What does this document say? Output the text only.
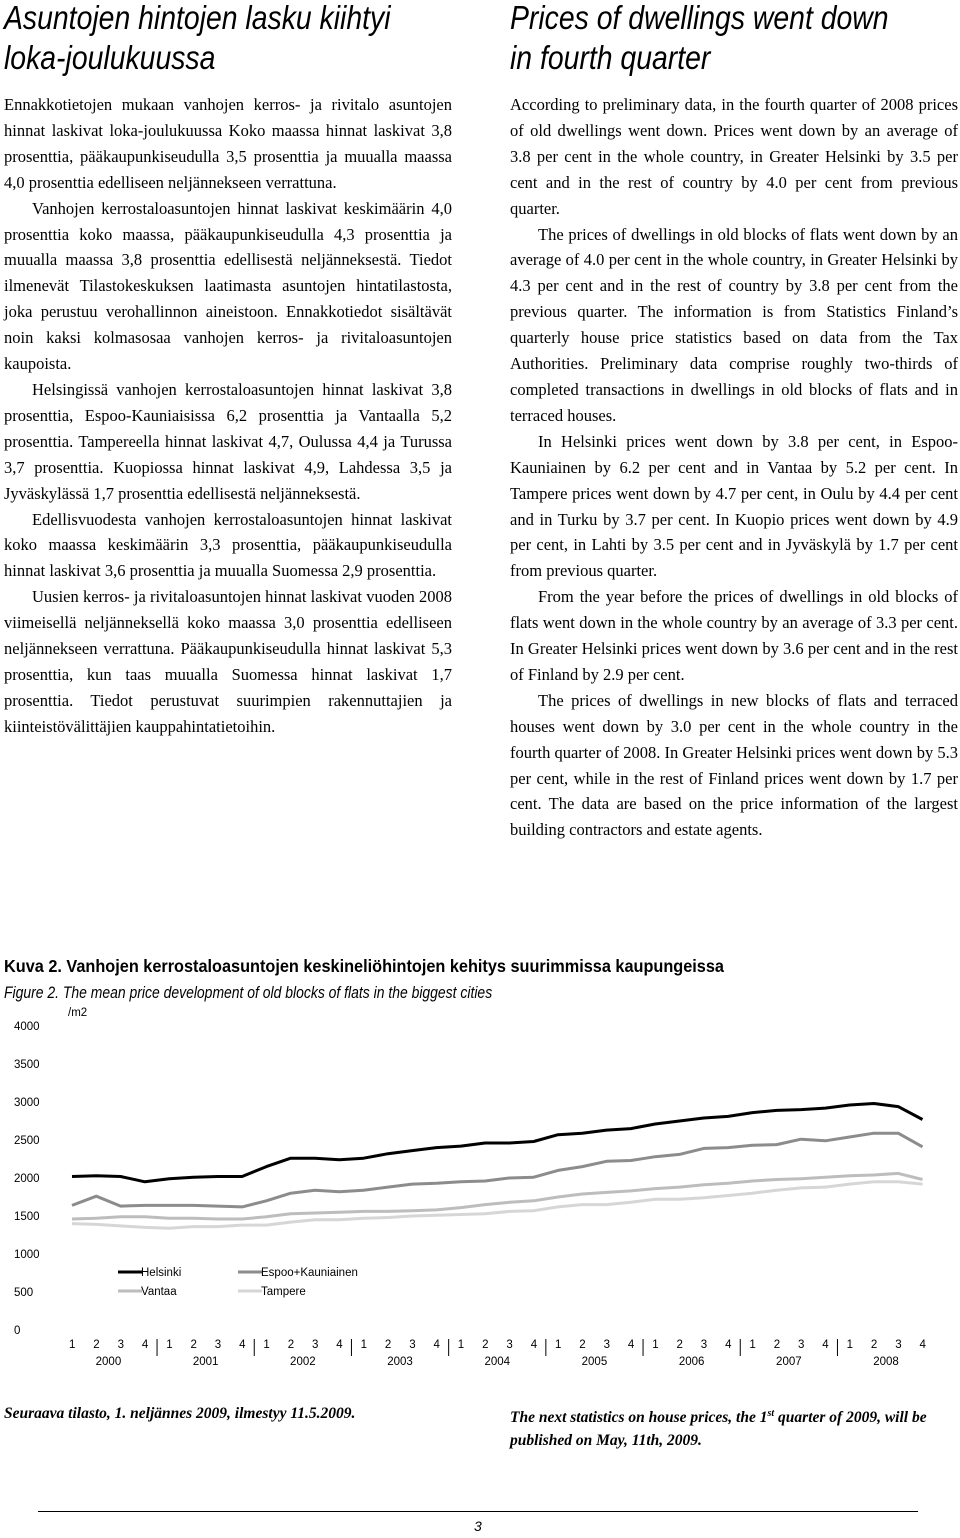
Asuntojen hintojen lasku kiihtyi
loka-joulukuussa
Prices of dwellings went down
in fourth quarter

Ennakkotietojen mukaan vanhojen kerros- ja rivitalo asuntojen hinnat laskivat loka-joulukuussa Koko maassa hinnat laskivat 3,8 prosenttia, pääkaupunkiseudulla 3,5 prosenttia ja muualla maassa 4,0 prosenttia edelliseen neljännekseen verrattuna.

Vanhojen kerrostaloasuntojen hinnat laskivat keskimäärin 4,0 prosenttia koko maassa, pääkaupunkiseudulla 4,3 prosenttia ja muualla maassa 3,8 prosenttia edellisestä neljänneksestä. Tiedot ilmenevät Tilastokeskuksen laatimasta asuntojen hintatilastosta, joka perustuu verohallinnon aineistoon. Ennakkotiedot sisältävät noin kaksi kolmasosaa vanhojen kerros- ja rivitaloasuntojen kaupoista.

Helsingissä vanhojen kerrostaloasuntojen hinnat laskivat 3,8 prosenttia, Espoo-Kauniaisissa 6,2 prosenttia ja Vantaalla 5,2 prosenttia. Tampereella hinnat laskivat 4,7, Oulussa 4,4 ja Turussa 3,7 prosenttia. Kuopiossa hinnat laskivat 4,9, Lahdessa 3,5 ja Jyväskylässä 1,7 prosenttia edellisestä neljänneksestä.

Edellisvuodesta vanhojen kerrostaloasuntojen hinnat laskivat koko maassa keskimäärin 3,3 prosenttia, pääkaupunkiseudulla hinnat laskivat 3,6 prosenttia ja muualla Suomessa 2,9 prosenttia.

Uusien kerros- ja rivitaloasuntojen hinnat laskivat vuoden 2008 viimeisellä neljänneksellä koko maassa 3,0 prosenttia edelliseen neljännekseen verrattuna. Pääkaupunkiseudulla hinnat laskivat 5,3 prosenttia, kun taas muualla Suomessa hinnat laskivat 1,7 prosenttia. Tiedot perustuvat suurimpien rakennuttajien ja kiinteistövälittäjien kauppahintatietoihin.

According to preliminary data, in the fourth quarter of 2008 prices of old dwellings went down. Prices went down by an average of 3.8 per cent in the whole country, in Greater Helsinki by 3.5 per cent and in the rest of country by 4.0 per cent from previous quarter.

The prices of dwellings in old blocks of flats went down by an average of 4.0 per cent in the whole country, in Greater Helsinki by 4.3 per cent and in the rest of country by 3.8 per cent from the previous quarter. The information is from Statistics Finland’s quarterly house price statistics based on data from the Tax Authorities. Preliminary data comprise roughly two-thirds of completed transactions in dwellings in old blocks of flats and in terraced houses.

In Helsinki prices went down by 3.8 per cent, in Espoo-Kauniainen by 6.2 per cent and in Vantaa by 5.2 per cent. In Tampere prices went down by 4.7 per cent, in Oulu by 4.4 per cent and in Turku by 3.7 per cent. In Kuopio prices went down by 4.9 per cent, in Lahti by 3.5 per cent and in Jyväskylä by 1.7 per cent from previous quarter.

From the year before the prices of dwellings in old blocks of flats went down in the whole country by an average of 3.3 per cent. In Greater Helsinki prices went down by 3.6 per cent and in the rest of Finland by 2.9 per cent.

The prices of dwellings in new blocks of flats and terraced houses went down by 3.0 per cent in the whole country in the fourth quarter of 2008. In Greater Helsinki prices went down by 5.3 per cent, while in the rest of Finland prices went down by 1.7 per cent. The data are based on the price information of the largest building contractors and estate agents.

Kuva 2. Vanhojen kerrostaloasuntojen keskineliöhintojen kehitys suurimmissa kaupungeissa
Figure 2. The mean price development of old blocks of flats in the biggest cities
0
500
1000
1500
2000
2500
3000
3500
4000
/m2
1 2 3 4 1 2 3 4 1 2 3 4 1 2 3 4 1 2 3 4 1 2 3 4 1 2 3 4 1 2 3 4 1 2 3 4
2000	2001	2002	2003	2004	2005	2006	2007	2008
Helsinki	Espoo+Kauniainen
Vantaa	Tampere
Seuraava tilasto, 1. neljännes 2009, ilmestyy 11.5.2009.	The next statistics on house prices, the 1st quarter of 2009, will be published on May, 11th, 2009.
3
